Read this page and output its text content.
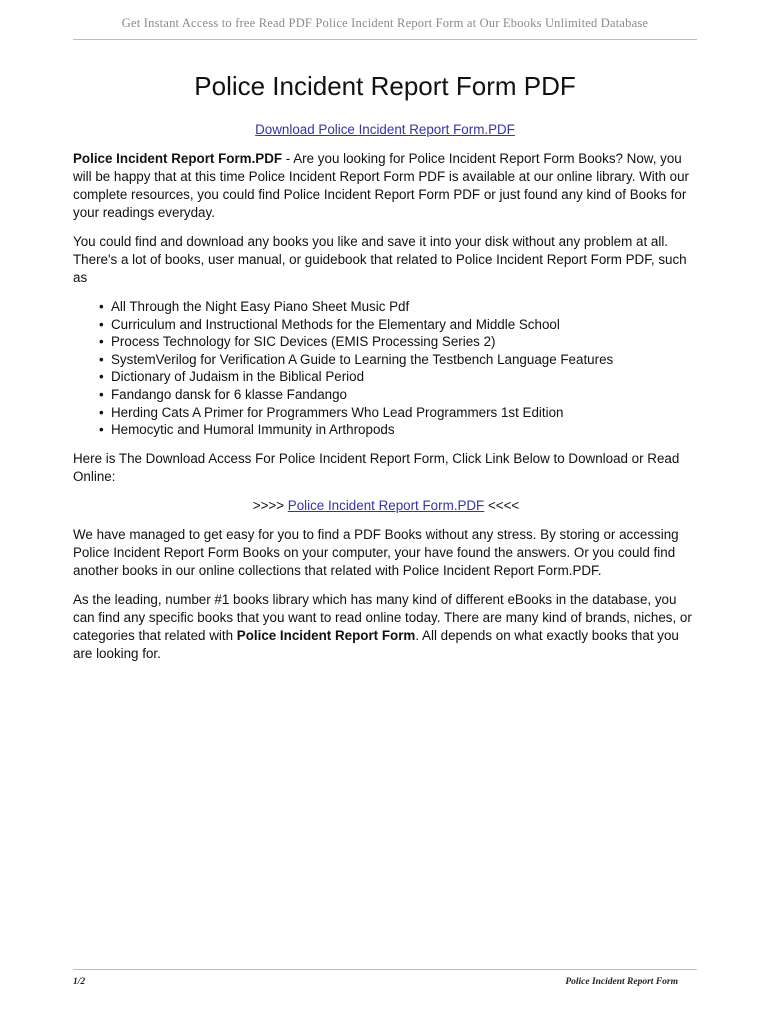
Get Instant Access to free Read PDF Police Incident Report Form at Our Ebooks Unlimited Database
Police Incident Report Form PDF
Download Police Incident Report Form.PDF

Police Incident Report Form.PDF - Are you looking for Police Incident Report Form Books? Now, you will be happy that at this time Police Incident Report Form PDF is available at our online library. With our complete resources, you could find Police Incident Report Form PDF or just found any kind of Books for your readings everyday.

You could find and download any books you like and save it into your disk without any problem at all. There's a lot of books, user manual, or guidebook that related to Police Incident Report Form PDF, such as

• All Through the Night Easy Piano Sheet Music Pdf
• Curriculum and Instructional Methods for the Elementary and Middle School
• Process Technology for SIC Devices (EMIS Processing Series 2)
• SystemVerilog for Verification A Guide to Learning the Testbench Language Features
• Dictionary of Judaism in the Biblical Period
• Fandango dansk for 6 klasse Fandango
• Herding Cats A Primer for Programmers Who Lead Programmers 1st Edition
• Hemocytic and Humoral Immunity in Arthropods

Here is The Download Access For Police Incident Report Form, Click Link Below to Download or Read Online:

>>>> Police Incident Report Form.PDF <<<<

We have managed to get easy for you to find a PDF Books without any stress. By storing or accessing Police Incident Report Form Books on your computer, your have found the answers. Or you could find another books in our online collections that related with Police Incident Report Form.PDF.

As the leading, number #1 books library which has many kind of different eBooks in the database, you can find any specific books that you want to read online today. There are many kind of brands, niches, or categories that related with Police Incident Report Form. All depends on what exactly books that you are looking for.

1/2	Police Incident Report Form
